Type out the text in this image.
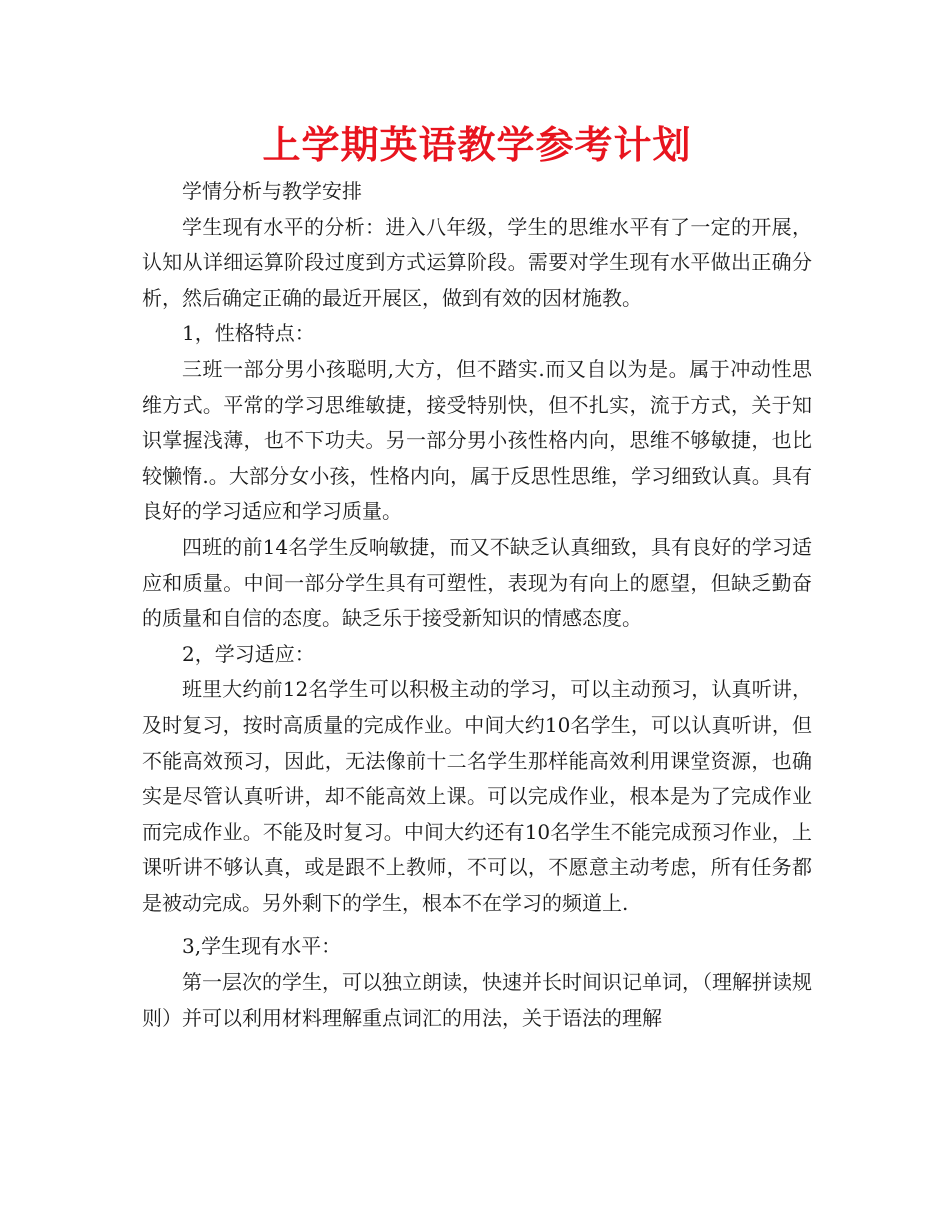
上学期英语教学参考计划

学情分析与教学安排

学生现有水平的分析：进入八年级，学生的思维水平有了一定的开展，认知从详细运算阶段过度到方式运算阶段。需要对学生现有水平做出正确分析，然后确定正确的最近开展区，做到有效的因材施教。

1，性格特点：

三班一部分男小孩聪明,大方，但不踏实.而又自以为是。属于冲动性思维方式。平常的学习思维敏捷，接受特别快，但不扎实，流于方式，关于知识掌握浅薄，也不下功夫。另一部分男小孩性格内向，思维不够敏捷，也比较懒惰.。大部分女小孩，性格内向，属于反思性思维，学习细致认真。具有良好的学习适应和学习质量。

四班的前14名学生反响敏捷，而又不缺乏认真细致，具有良好的学习适应和质量。中间一部分学生具有可塑性，表现为有向上的愿望，但缺乏勤奋的质量和自信的态度。缺乏乐于接受新知识的情感态度。

2，学习适应：

班里大约前12名学生可以积极主动的学习，可以主动预习，认真听讲，及时复习，按时高质量的完成作业。中间大约10名学生，可以认真听讲，但不能高效预习，因此，无法像前十二名学生那样能高效利用课堂资源，也确实是尽管认真听讲，却不能高效上课。可以完成作业，根本是为了完成作业而完成作业。不能及时复习。中间大约还有10名学生不能完成预习作业，上课听讲不够认真，或是跟不上教师，不可以，不愿意主动考虑，所有任务都是被动完成。另外剩下的学生，根本不在学习的频道上.

3,学生现有水平：

第一层次的学生，可以独立朗读，快速并长时间识记单词，（理解拼读规则）并可以利用材料理解重点词汇的用法，关于语法的理解
